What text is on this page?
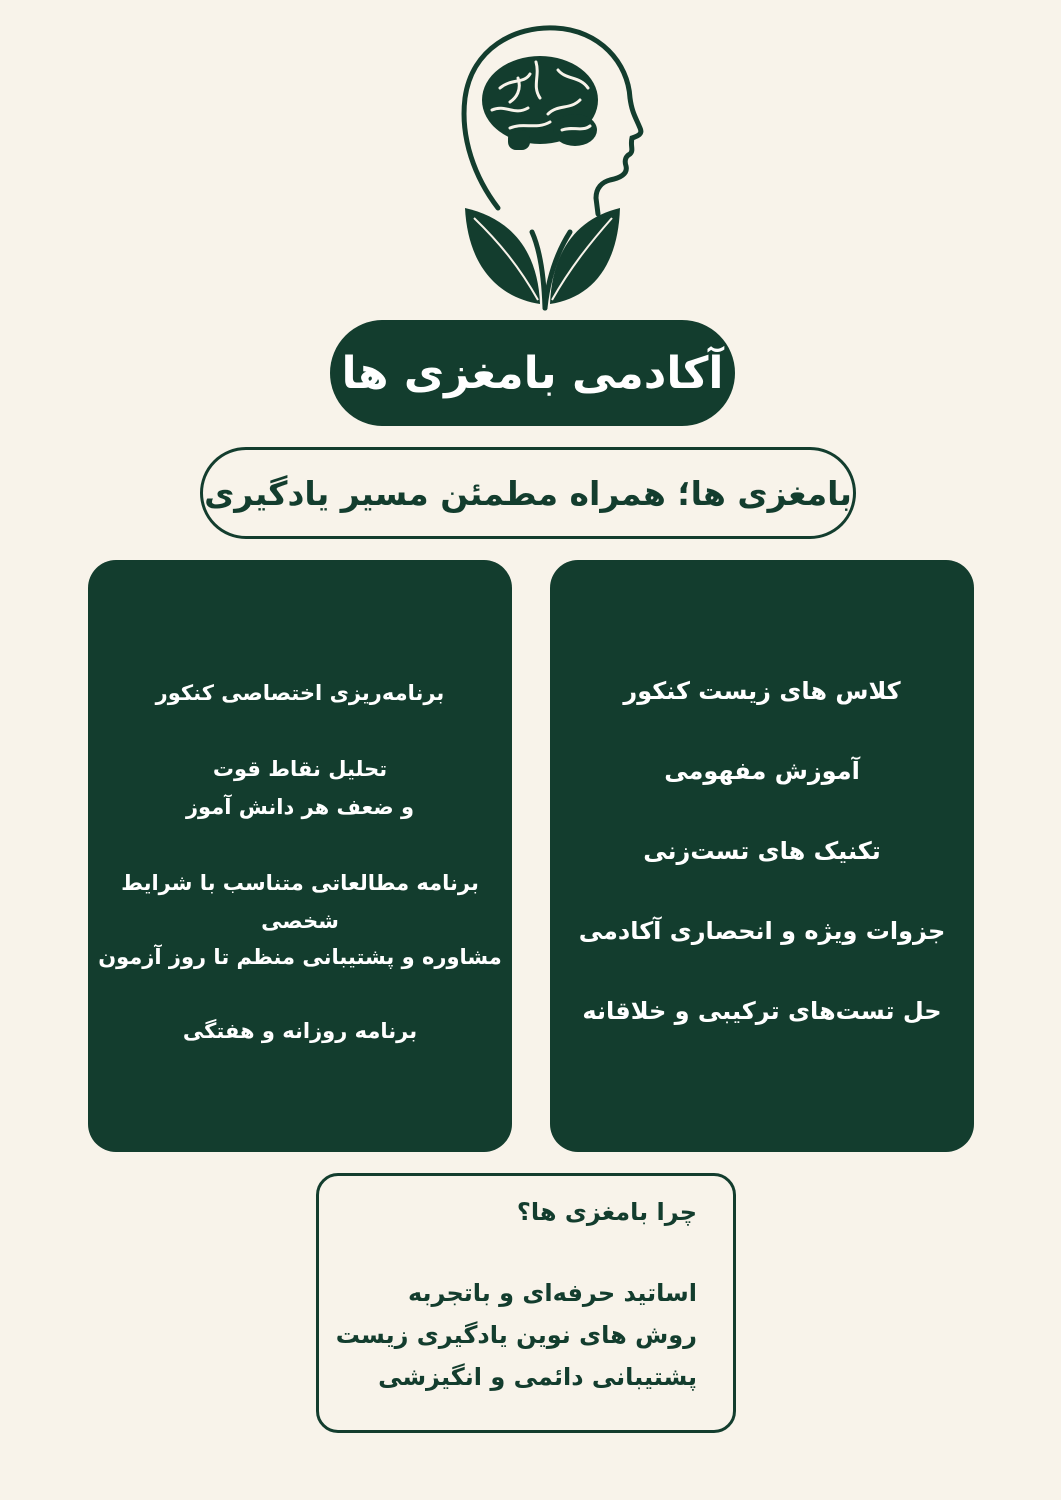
آکادمی بامغزی ها
بامغزی ها؛ همراه مطمئن مسیر یادگیری
کلاس های زیست کنکور
آموزش مفهومی
تکنیک های تست‌زنی
جزوات ویژه و انحصاری آکادمی
حل تست‌های ترکیبی و خلاقانه
برنامه‌ریزی اختصاصی کنکور
تحلیل نقاط قوت
و ضعف هر دانش آموز
برنامه مطالعاتی متناسب با شرایط شخصی
مشاوره و پشتیبانی منظم تا روز آزمون
برنامه روزانه و هفتگی
چرا بامغزی ها؟
اساتید حرفه‌ای و باتجربه
روش های نوین یادگیری زیست
پشتیبانی دائمی و انگیزشی
